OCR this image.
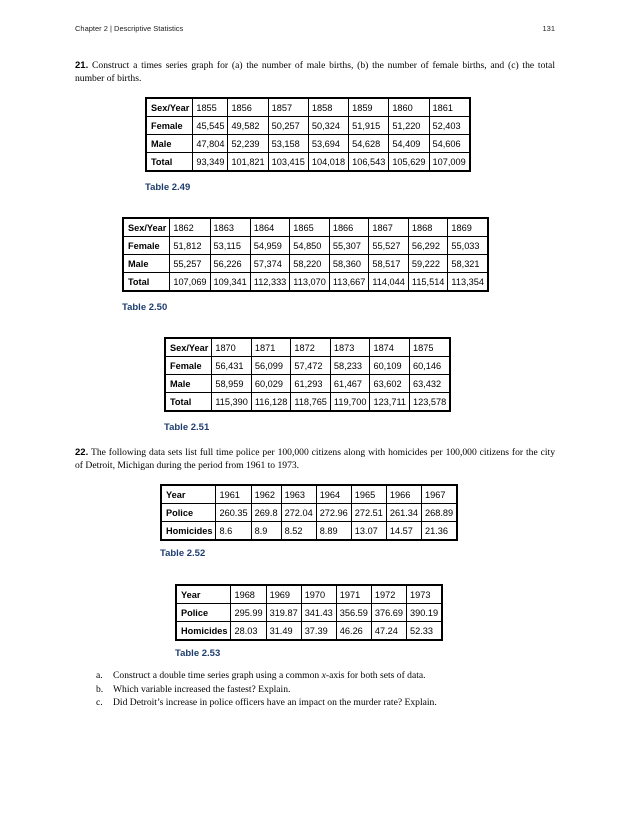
Chapter 2 | Descriptive Statistics	131
21. Construct a times series graph for (a) the number of male births, (b) the number of female births, and (c) the total number of births.
Sex/Year	1855	1856	1857	1858	1859	1860	1861
Female	45,545	49,582	50,257	50,324	51,915	51,220	52,403
Male	47,804	52,239	53,158	53,694	54,628	54,409	54,606
Total	93,349	101,821	103,415	104,018	106,543	105,629	107,009
Table 2.49
Sex/Year	1862	1863	1864	1865	1866	1867	1868	1869
Female	51,812	53,115	54,959	54,850	55,307	55,527	56,292	55,033
Male	55,257	56,226	57,374	58,220	58,360	58,517	59,222	58,321
Total	107,069	109,341	112,333	113,070	113,667	114,044	115,514	113,354
Table 2.50
Sex/Year	1870	1871	1872	1873	1874	1875
Female	56,431	56,099	57,472	58,233	60,109	60,146
Male	58,959	60,029	61,293	61,467	63,602	63,432
Total	115,390	116,128	118,765	119,700	123,711	123,578
Table 2.51
22. The following data sets list full time police per 100,000 citizens along with homicides per 100,000 citizens for the city of Detroit, Michigan during the period from 1961 to 1973.
Year	1961	1962	1963	1964	1965	1966	1967
Police	260.35	269.8	272.04	272.96	272.51	261.34	268.89
Homicides	8.6	8.9	8.52	8.89	13.07	14.57	21.36
Table 2.52
Year	1968	1969	1970	1971	1972	1973
Police	295.99	319.87	341.43	356.59	376.69	390.19
Homicides	28.03	31.49	37.39	46.26	47.24	52.33
Table 2.53
a.	Construct a double time series graph using a common x-axis for both sets of data.
b.	Which variable increased the fastest? Explain.
c.	Did Detroit’s increase in police officers have an impact on the murder rate? Explain.
